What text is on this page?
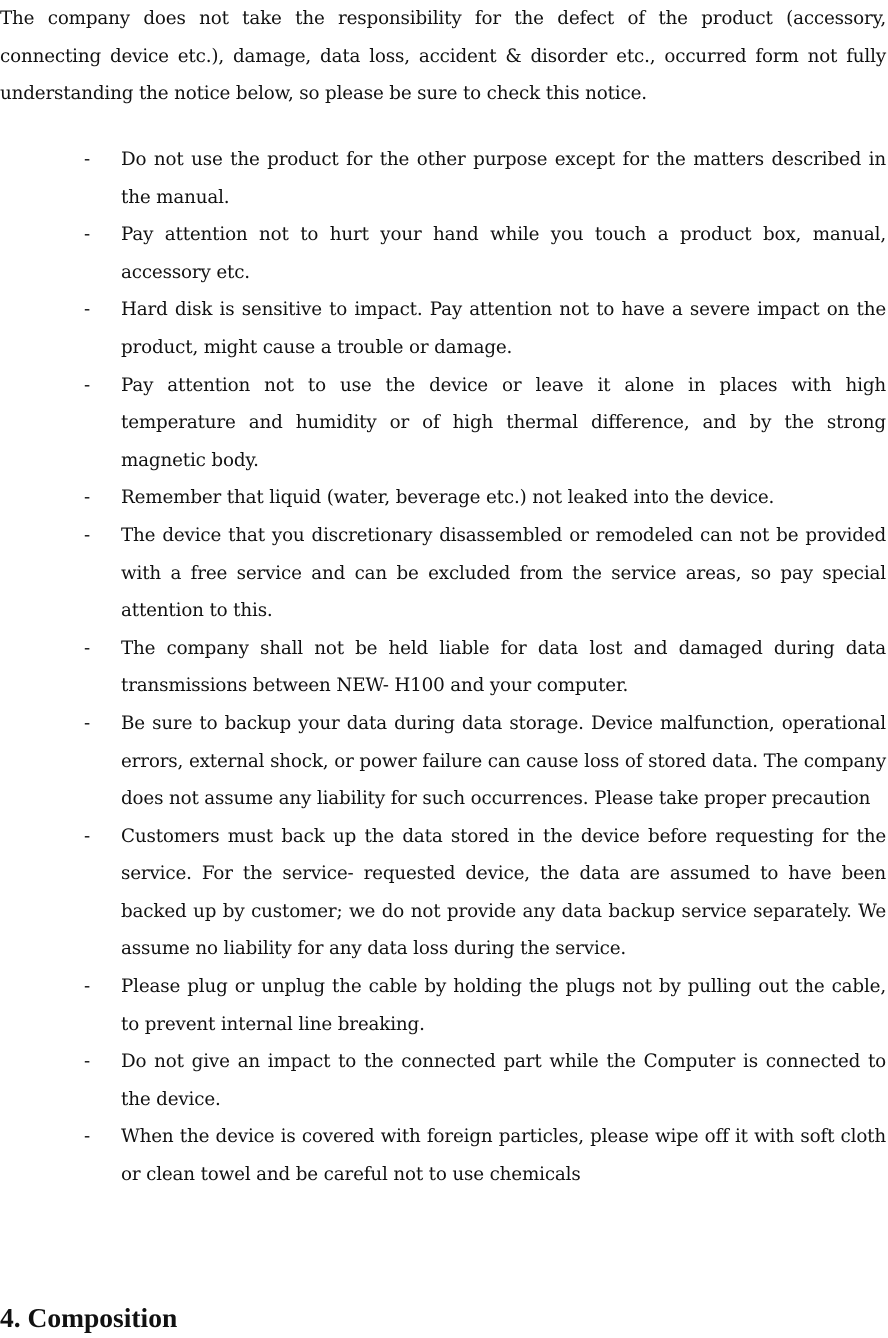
The company does not take the responsibility for the defect of the product (accessory, connecting device etc.), damage, data loss, accident & disorder etc., occurred form not fully understanding the notice below, so please be sure to check this notice.

- Do not use the product for the other purpose except for the matters described in the manual.
- Pay attention not to hurt your hand while you touch a product box, manual, accessory etc.
- Hard disk is sensitive to impact. Pay attention not to have a severe impact on the product, might cause a trouble or damage.
- Pay attention not to use the device or leave it alone in places with high temperature and humidity or of high thermal difference, and by the strong magnetic body.
- Remember that liquid (water, beverage etc.) not leaked into the device.
- The device that you discretionary disassembled or remodeled can not be provided with a free service and can be excluded from the service areas, so pay special attention to this.
- The company shall not be held liable for data lost and damaged during data transmissions between NEW- H100 and your computer.
- Be sure to backup your data during data storage. Device malfunction, operational errors, external shock, or power failure can cause loss of stored data. The company does not assume any liability for such occurrences. Please take proper precaution
- Customers must back up the data stored in the device before requesting for the service. For the service- requested device, the data are assumed to have been backed up by customer; we do not provide any data backup service separately. We assume no liability for any data loss during the service.
- Please plug or unplug the cable by holding the plugs not by pulling out the cable, to prevent internal line breaking.
- Do not give an impact to the connected part while the Computer is connected to the device.
- When the device is covered with foreign particles, please wipe off it with soft cloth or clean towel and be careful not to use chemicals
4. Composition
